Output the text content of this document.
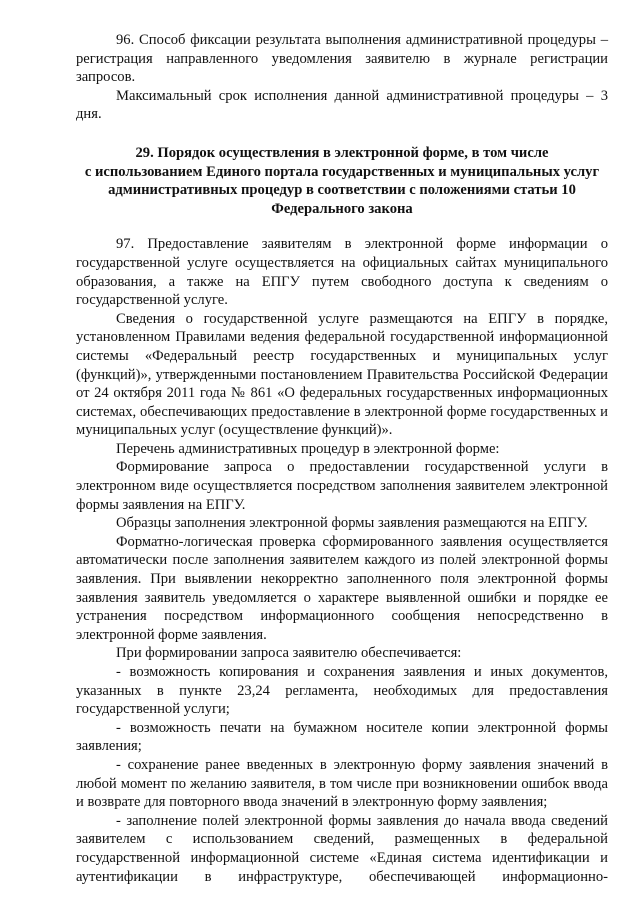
96. Способ фиксации результата выполнения административной процедуры – регистрация направленного уведомления заявителю в журнале регистрации запросов.

Максимальный срок исполнения данной административной процедуры – 3 дня.

29. Порядок осуществления в электронной форме, в том числе
с использованием Единого портала государственных и муниципальных услуг
административных процедур в соответствии с положениями статьи 10
Федерального закона

97. Предоставление заявителям в электронной форме информации о государственной услуге осуществляется на официальных сайтах муниципального образования, а также на ЕПГУ путем свободного доступа к сведениям о государственной услуге.

Сведения о государственной услуге размещаются на ЕПГУ в порядке, установленном Правилами ведения федеральной государственной информационной системы «Федеральный реестр государственных и муниципальных услуг (функций)», утвержденными постановлением Правительства Российской Федерации от 24 октября 2011 года № 861 «О федеральных государственных информационных системах, обеспечивающих предоставление в электронной форме государственных и муниципальных услуг (осуществление функций)».

Перечень административных процедур в электронной форме:

Формирование запроса о предоставлении государственной услуги в электронном виде осуществляется посредством заполнения заявителем электронной формы заявления на ЕПГУ.

Образцы заполнения электронной формы заявления размещаются на ЕПГУ.

Форматно-логическая проверка сформированного заявления осуществляется автоматически после заполнения заявителем каждого из полей электронной формы заявления. При выявлении некорректно заполненного поля электронной формы заявления заявитель уведомляется о характере выявленной ошибки и порядке ее устранения посредством информационного сообщения непосредственно в электронной форме заявления.

При формировании запроса заявителю обеспечивается:

- возможность копирования и сохранения заявления и иных документов, указанных в пункте 23,24 регламента, необходимых для предоставления государственной услуги;

- возможность печати на бумажном носителе копии электронной формы заявления;

- сохранение ранее введенных в электронную форму заявления значений в любой момент по желанию заявителя, в том числе при возникновении ошибок ввода и возврате для повторного ввода значений в электронную форму заявления;

- заполнение полей электронной формы заявления до начала ввода сведений заявителем с использованием сведений, размещенных в федеральной государственной информационной системе «Единая система идентификации и аутентификации в инфраструктуре, обеспечивающей информационно-
